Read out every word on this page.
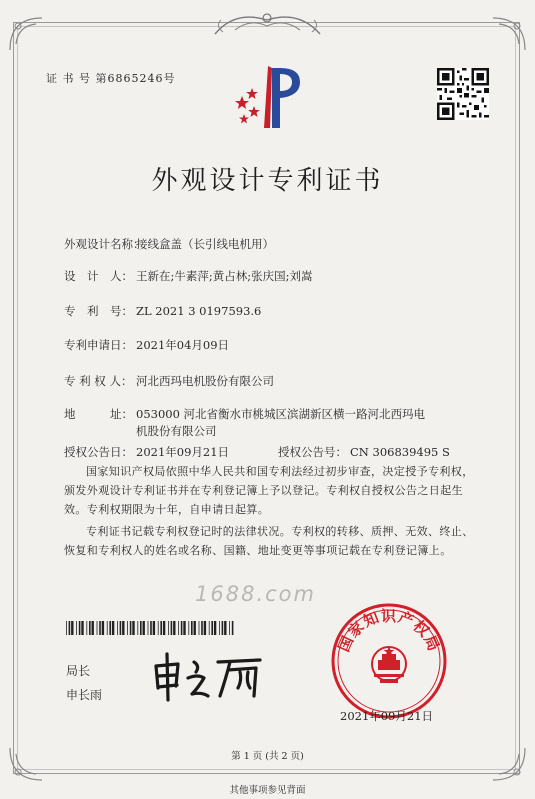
证 书 号 第6865246号
外观设计专利证书
外观设计名称：
接线盒盖（长引线电机用）
设　计　人： 王新在;牛素萍;黄占林;张庆国;刘嵩
专　利　号： ZL 2021 3 0197593.6
专利申请日： 2021年04月09日
专 利 权 人： 河北西玛电机股份有限公司
地　　　址： 053000 河北省衡水市桃城区滨湖新区横一路河北西玛电机股份有限公司
授权公告日： 2021年09月21日	授权公告号： CN 306839495 S
国家知识产权局依照中华人民共和国专利法经过初步审查，决定授予专利权，颁发外观设计专利证书并在专利登记簿上予以登记。专利权自授权公告之日起生效。专利权期限为十年，自申请日起算。
专利证书记载专利权登记时的法律状况。专利权的转移、质押、无效、终止、恢复和专利权人的姓名或名称、国籍、地址变更等事项记载在专利登记簿上。
1688.com
局长
申长雨
国家知识产权局
2021年09月21日
第 1 页 (共 2 页)
其他事项参见背面
